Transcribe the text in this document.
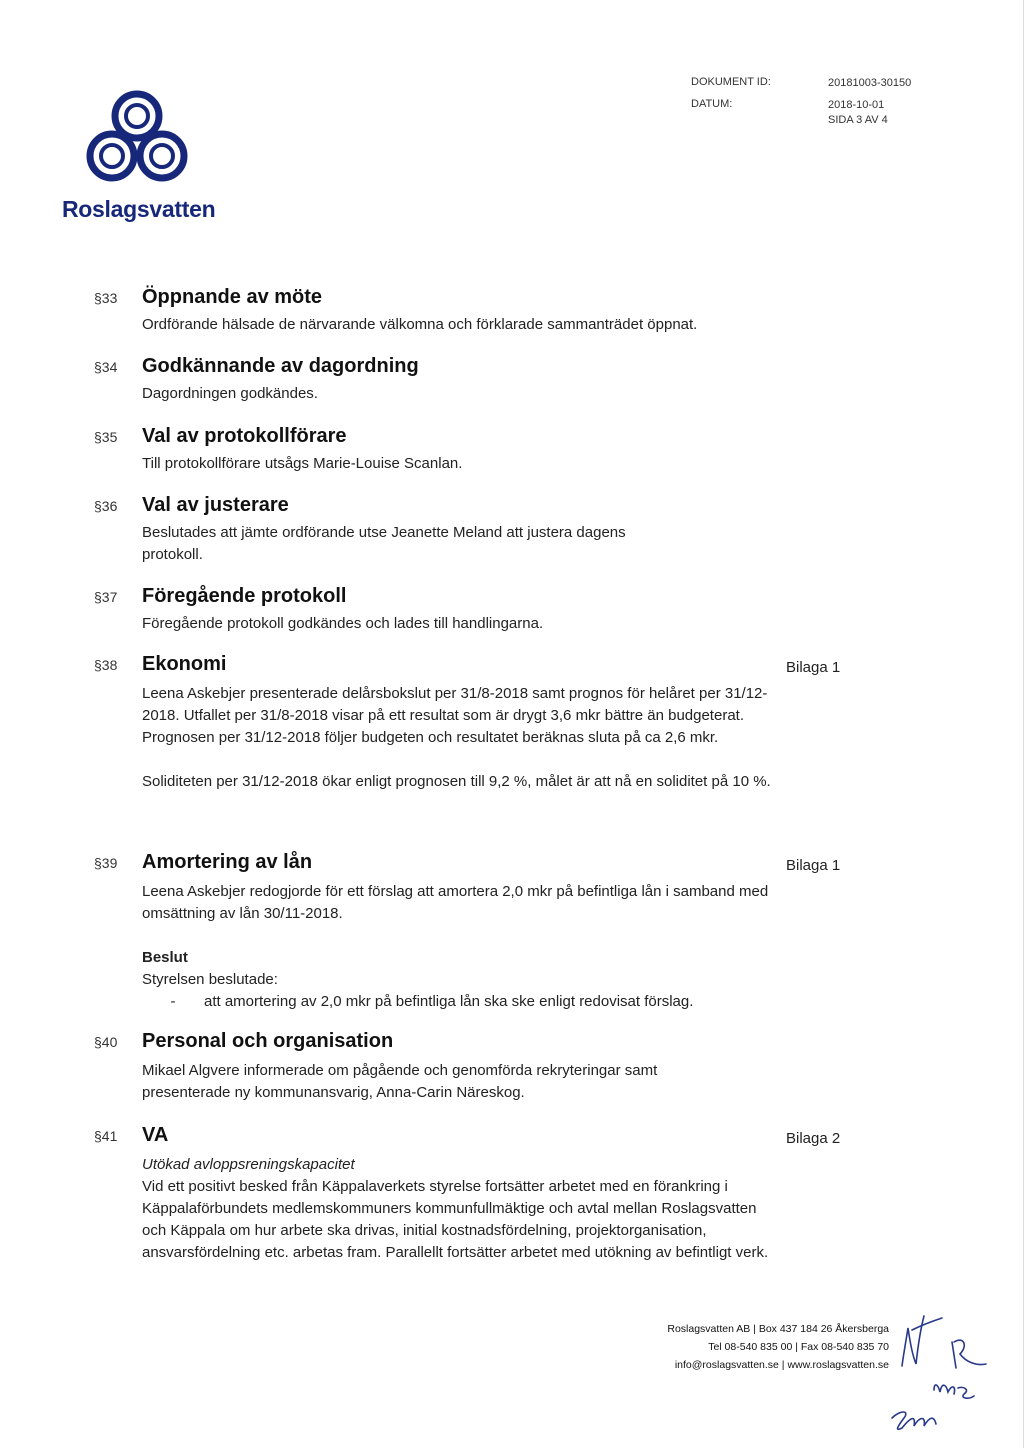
Roslagsvatten
DOKUMENT ID:	20181003-30150
DATUM:	2018-10-01
SIDA 3 AV 4
§33 Öppnande av möte

Ordförande hälsade de närvarande välkomna och förklarade sammanträdet öppnat.

§34 Godkännande av dagordning

Dagordningen godkändes.

§35 Val av protokollförare

Till protokollförare utsågs Marie-Louise Scanlan.

§36 Val av justerare

Beslutades att jämte ordförande utse Jeanette Meland att justera dagens protokoll.

§37 Föregående protokoll

Föregående protokoll godkändes och lades till handlingarna.

§38 Ekonomi	Bilaga 1

Leena Askebjer presenterade delårsbokslut per 31/8-2018 samt prognos för helåret per 31/12-2018. Utfallet per 31/8-2018 visar på ett resultat som är drygt 3,6 mkr bättre än budgeterat. Prognosen per 31/12-2018 följer budgeten och resultatet beräknas sluta på ca 2,6 mkr.

Soliditeten per 31/12-2018 ökar enligt prognosen till 9,2 %, målet är att nå en soliditet på 10 %.

§39 Amortering av lån	Bilaga 1

Leena Askebjer redogjorde för ett förslag att amortera 2,0 mkr på befintliga lån i samband med omsättning av lån 30/11-2018.

Beslut

Styrelsen beslutade:

-	att amortering av 2,0 mkr på befintliga lån ska ske enligt redovisat förslag.
§40 Personal och organisation

Mikael Algvere informerade om pågående och genomförda rekryteringar samt presenterade ny kommunansvarig, Anna-Carin Näreskog.

§41 VA	Bilaga 2

Utökad avloppsreningskapacitet

Vid ett positivt besked från Käppalaverkets styrelse fortsätter arbetet med en förankring i Käppalaförbundets medlemskommuners kommunfullmäktige och avtal mellan Roslagsvatten och Käppala om hur arbete ska drivas, initial kostnadsfördelning, projektorganisation, ansvarsfördelning etc. arbetas fram. Parallellt fortsätter arbetet med utökning av befintligt verk.

Roslagsvatten AB | Box 437 184 26 Åkersberga
Tel 08-540 835 00 | Fax 08-540 835 70
info@roslagsvatten.se | www.roslagsvatten.se
